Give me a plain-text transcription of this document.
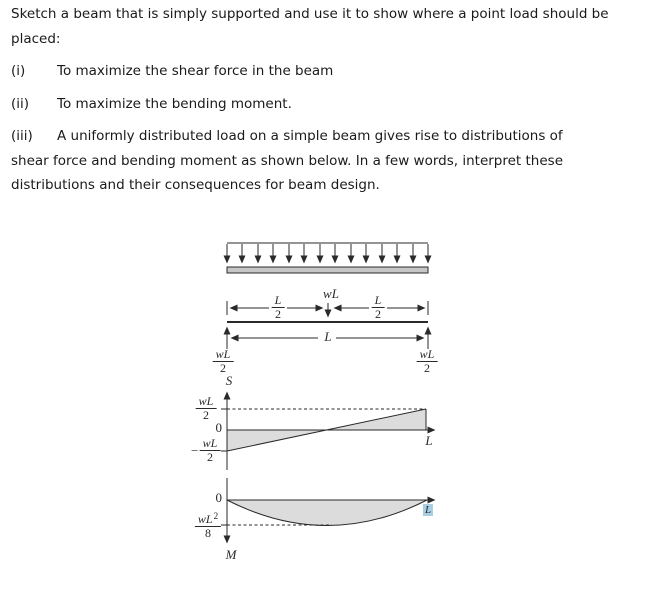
Sketch a beam that is simply supported and use it to show where a point load should be
placed:

(i) To maximize the shear force in the beam

(ii) To maximize the bending moment.

(iii) A uniformly distributed load on a simple beam gives rise to distributions of
shear force and bending moment as shown below. In a few words, interpret these
distributions and their consequences for beam design.

wL
$\frac{L}{2}$	$\frac{L}{2}$
L
$\frac{wL}{2}$	$\frac{wL}{2}$
S
$\frac{wL}{2}$
0
− $\frac{wL}{2}$	L
0
L
$\frac{wL^2}{8}$
M
